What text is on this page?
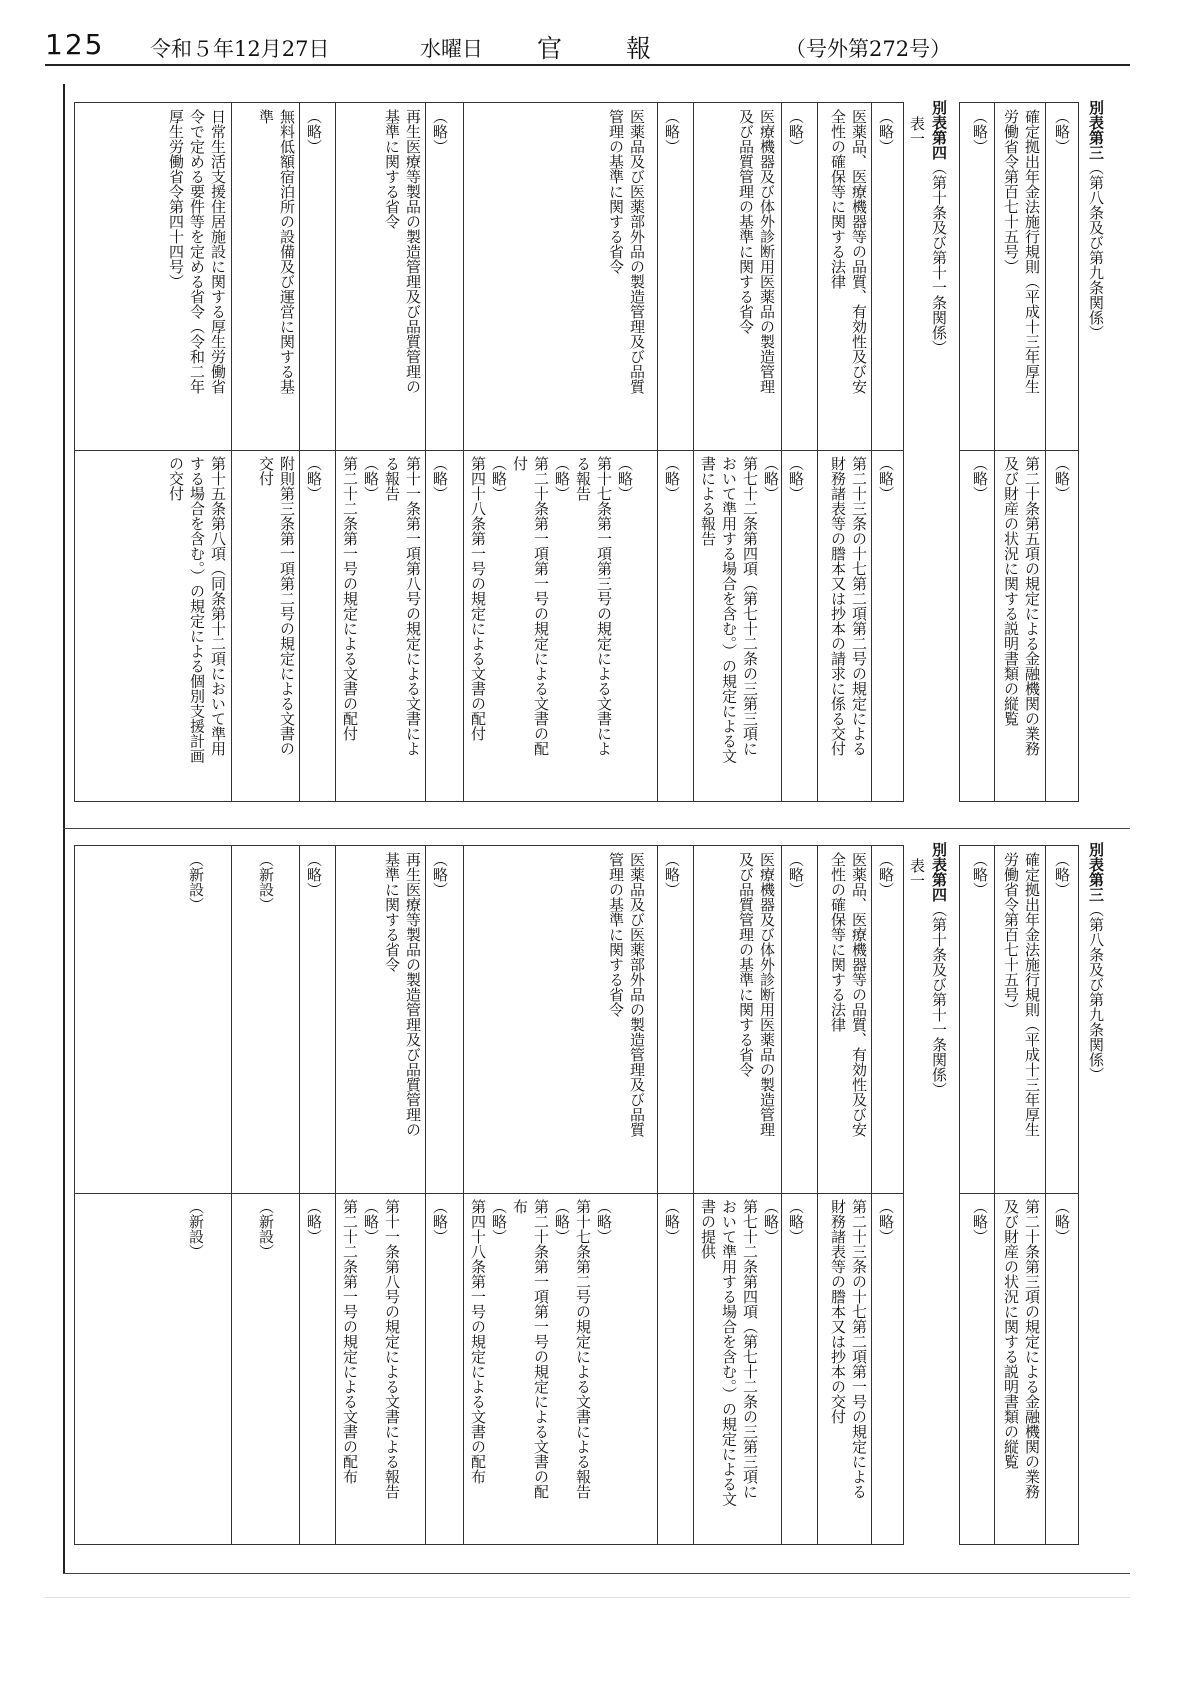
125 令和５年12月27日	水曜日 官報	（号外第272号）
別表第三（第八条及び第九条関係）
（略）
確定拠出年金法施行規則（平成十三年厚生
労働省令第百七十五号）
（略）
（略）
第二十条第五項の規定による金融機関の業務
及び財産の状況に関する説明書類の縦覧
（略）
別表第四（第十条及び第十一条関係）
表一
（略）
医薬品、医療機器等の品質、有効性及び安
全性の確保等に関する法律
（略）
医療機器及び体外診断用医薬品の製造管理
及び品質管理の基準に関する省令
（略）
医薬品及び医薬部外品の製造管理及び品質
管理の基準に関する省令
（略）
再生医療等製品の製造管理及び品質管理の
基準に関する省令
（略）
無料低額宿泊所の設備及び運営に関する基
準
日常生活支援住居施設に関する厚生労働省
令で定める要件等を定める省令（令和二年
厚生労働省令第四十四号）
（略）
第二十三条の十七第二項第二号の規定による
財務諸表等の謄本又は抄本の請求に係る交付
（略）
（略）
第七十二条第四項（第七十二条の三第三項に
おいて準用する場合を含む。）の規定による文
書による報告
（略）
（略）
第十七条第一項第三号の規定による文書によ
る報告
（略）
第二十条第一項第一号の規定による文書の配
付
（略）
第四十八条第一号の規定による文書の配付
（略）
第十一条第一項第八号の規定による文書によ
る報告
（略）
第二十二条第一号の規定による文書の配付
（略）
附則第三条第一項第二号の規定による文書の
交付
第十五条第八項（同条第十二項において準用
する場合を含む。）の規定による個別支援計画
の交付
別表第三（第八条及び第九条関係）
（略）
確定拠出年金法施行規則（平成十三年厚生
労働省令第百七十五号）
（略）
（略）
第二十条第三項の規定による金融機関の業務
及び財産の状況に関する説明書類の縦覧
（略）
別表第四（第十条及び第十一条関係）
表一
（略）
医薬品、医療機器等の品質、有効性及び安
全性の確保等に関する法律
（略）
医療機器及び体外診断用医薬品の製造管理
及び品質管理の基準に関する省令
（略）
医薬品及び医薬部外品の製造管理及び品質
管理の基準に関する省令
（略）
再生医療等製品の製造管理及び品質管理の
基準に関する省令
（略）
（新設）
（新設）
（略）
第二十三条の十七第二項第一号の規定による
財務諸表等の謄本又は抄本の交付
（略）
（略）
第七十二条第四項（第七十二条の三第三項に
おいて準用する場合を含む。）の規定による文
書の提供
（略）
（略）
第十七条第二号の規定による文書による報告
（略）
第二十条第一項第一号の規定による文書の配
布
（略）
第四十八条第一号の規定による文書の配布
（略）
第十一条第八号の規定による文書による報告
（略）
第二十二条第一号の規定による文書の配布
（略）
（新設）
（新設）
